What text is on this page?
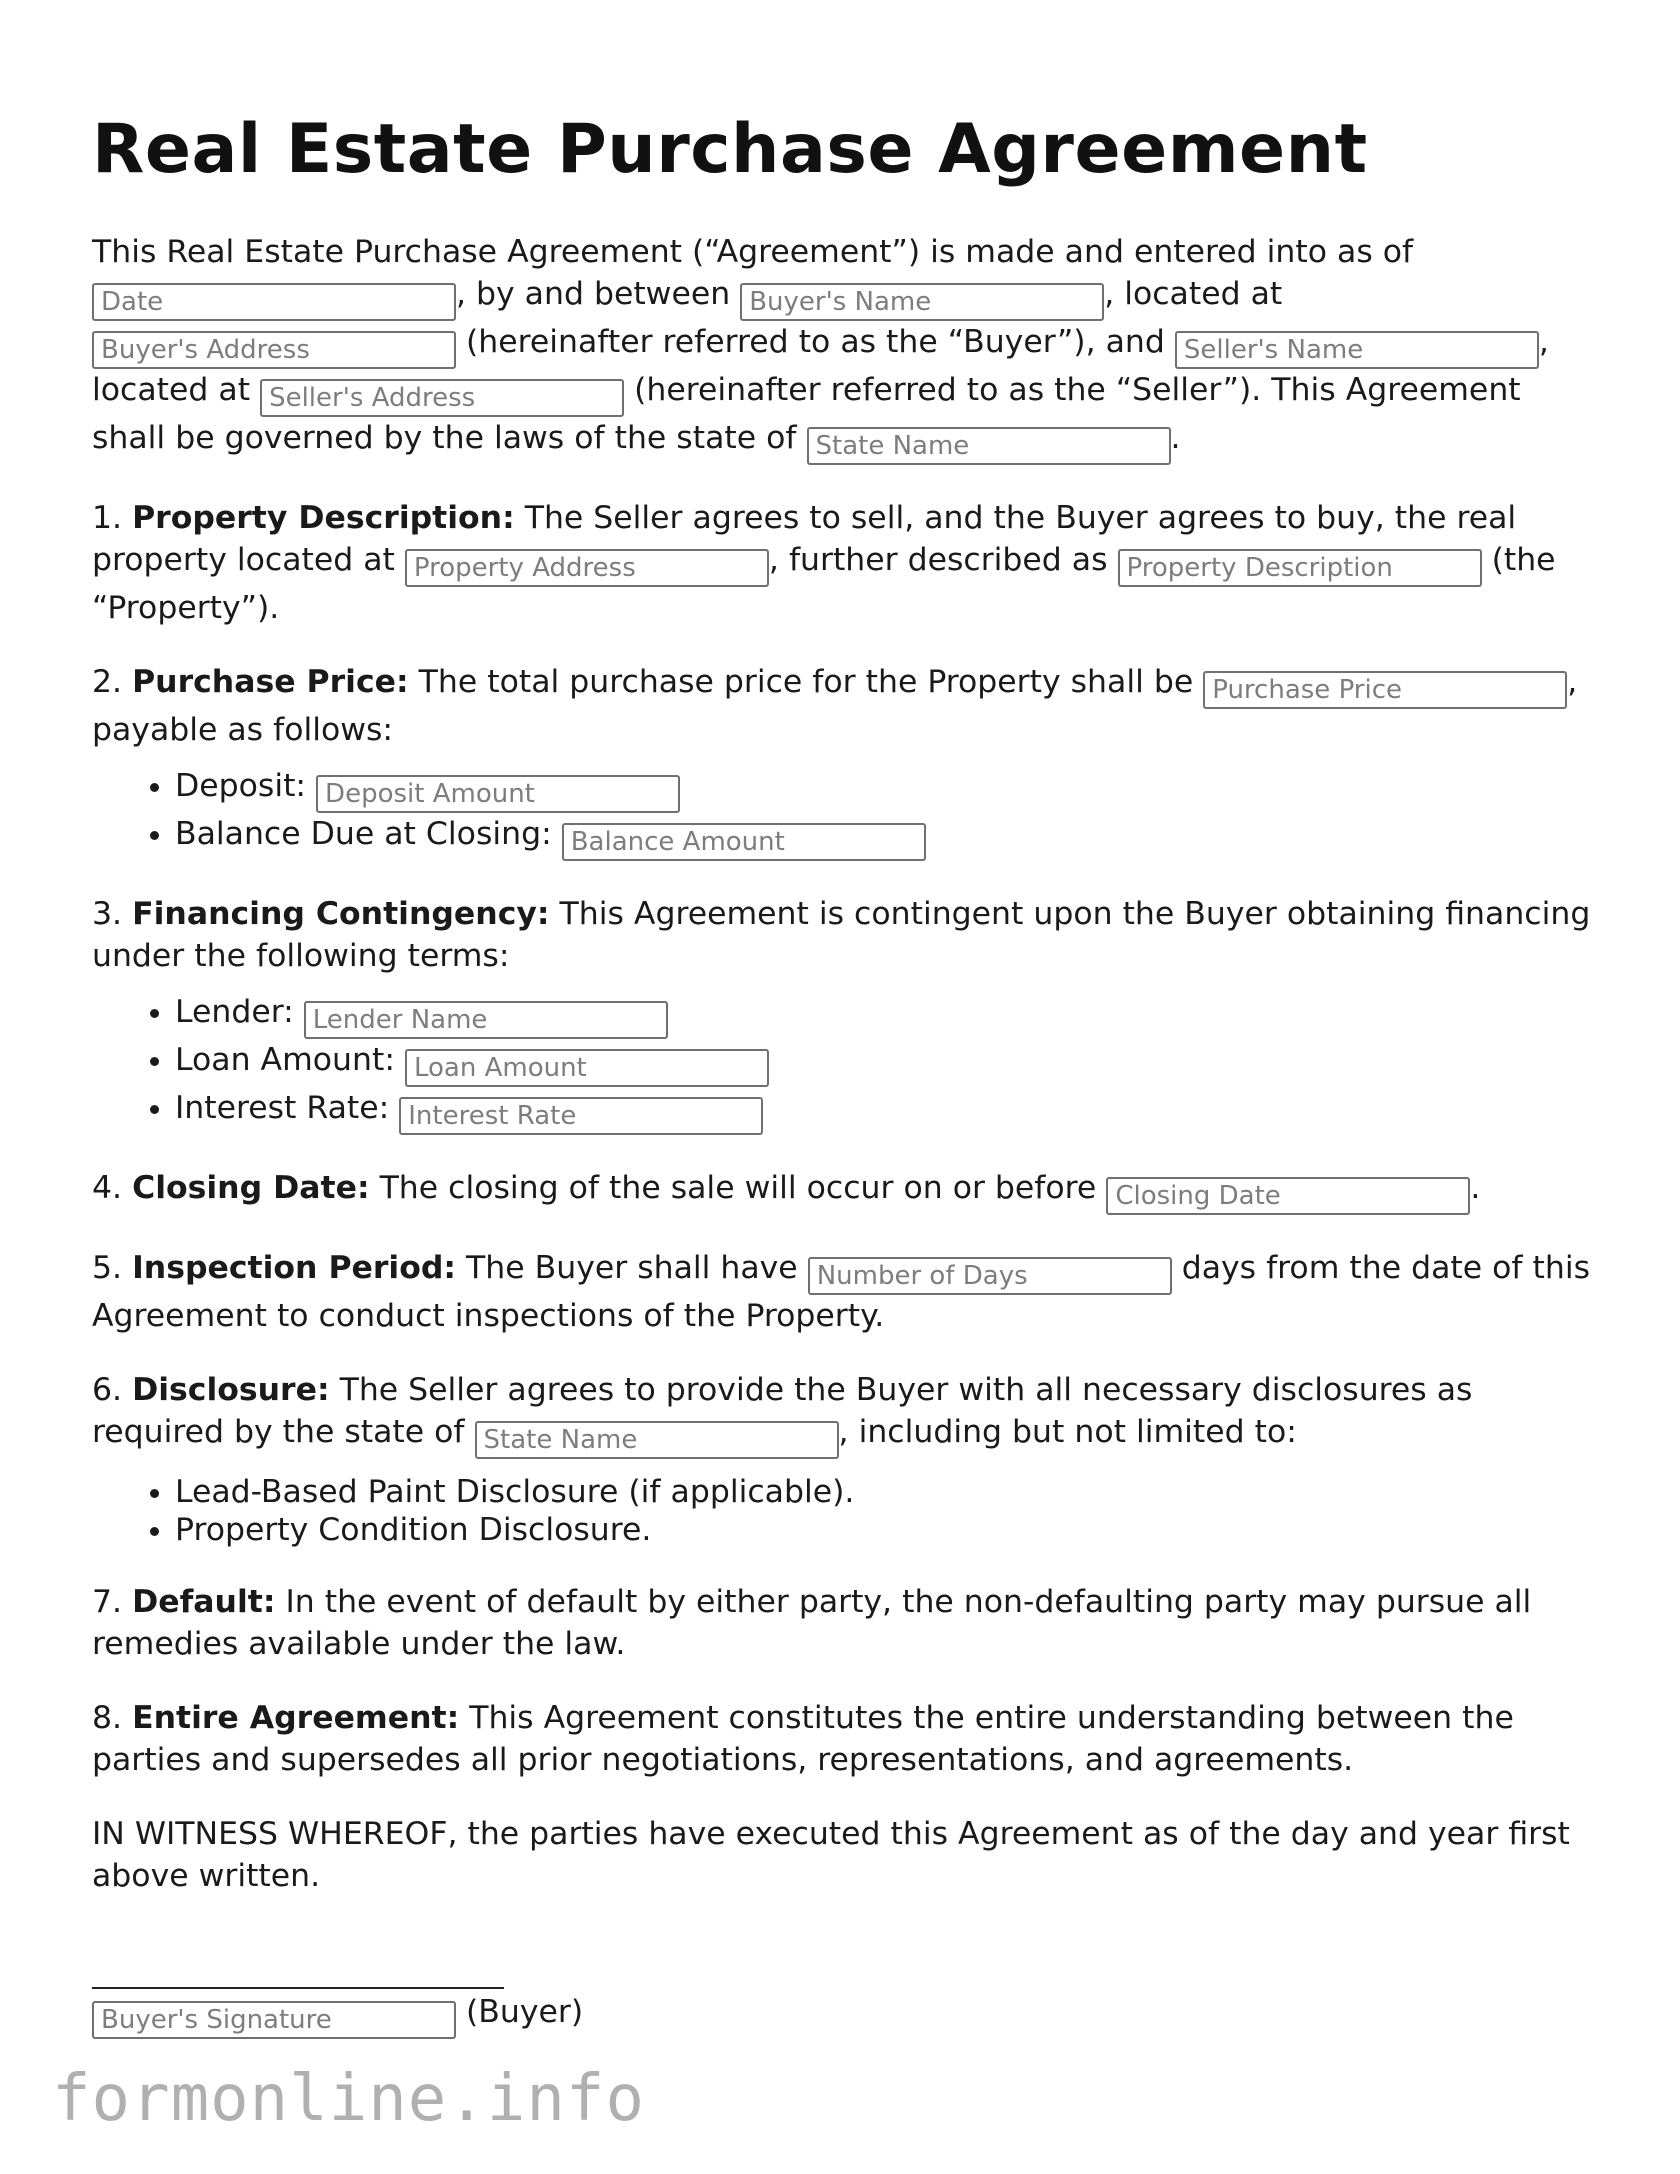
Real Estate Purchase Agreement

This Real Estate Purchase Agreement (“Agreement”) is made and entered into as of Date, by and between Buyer's Name	, located at Buyer's Address (hereinafter referred to as the “Buyer”), and Seller's Name	, located at Seller's Address	(hereinafter referred to as the “Seller”). This Agreement shall be governed by the laws of the state of State Name	.

1. Property Description: The Seller agrees to sell, and the Buyer agrees to buy, the real property located at Property Address	, further described as Property Description	(the “Property”).

2. Purchase Price: The total purchase price for the Property shall be Purchase Price	, payable as follows:

• Deposit: Deposit Amount
• Balance Due at Closing: Balance Amount

3. Financing Contingency: This Agreement is contingent upon the Buyer obtaining financing under the following terms:

• Lender: Lender Name
• Loan Amount: Loan Amount
• Interest Rate: Interest Rate

4. Closing Date: The closing of the sale will occur on or before Closing Date	.

5. Inspection Period: The Buyer shall have Number of Days	days from the date of this Agreement to conduct inspections of the Property.

6. Disclosure: The Seller agrees to provide the Buyer with all necessary disclosures as required by the state of State Name	, including but not limited to:

• Lead-Based Paint Disclosure (if applicable).
• Property Condition Disclosure.

7. Default: In the event of default by either party, the non-defaulting party may pursue all remedies available under the law.

8. Entire Agreement: This Agreement constitutes the entire understanding between the parties and supersedes all prior negotiations, representations, and agreements.

IN WITNESS WHEREOF, the parties have executed this Agreement as of the day and year first above written.

Buyer's Signature (Buyer)
formonline.info
